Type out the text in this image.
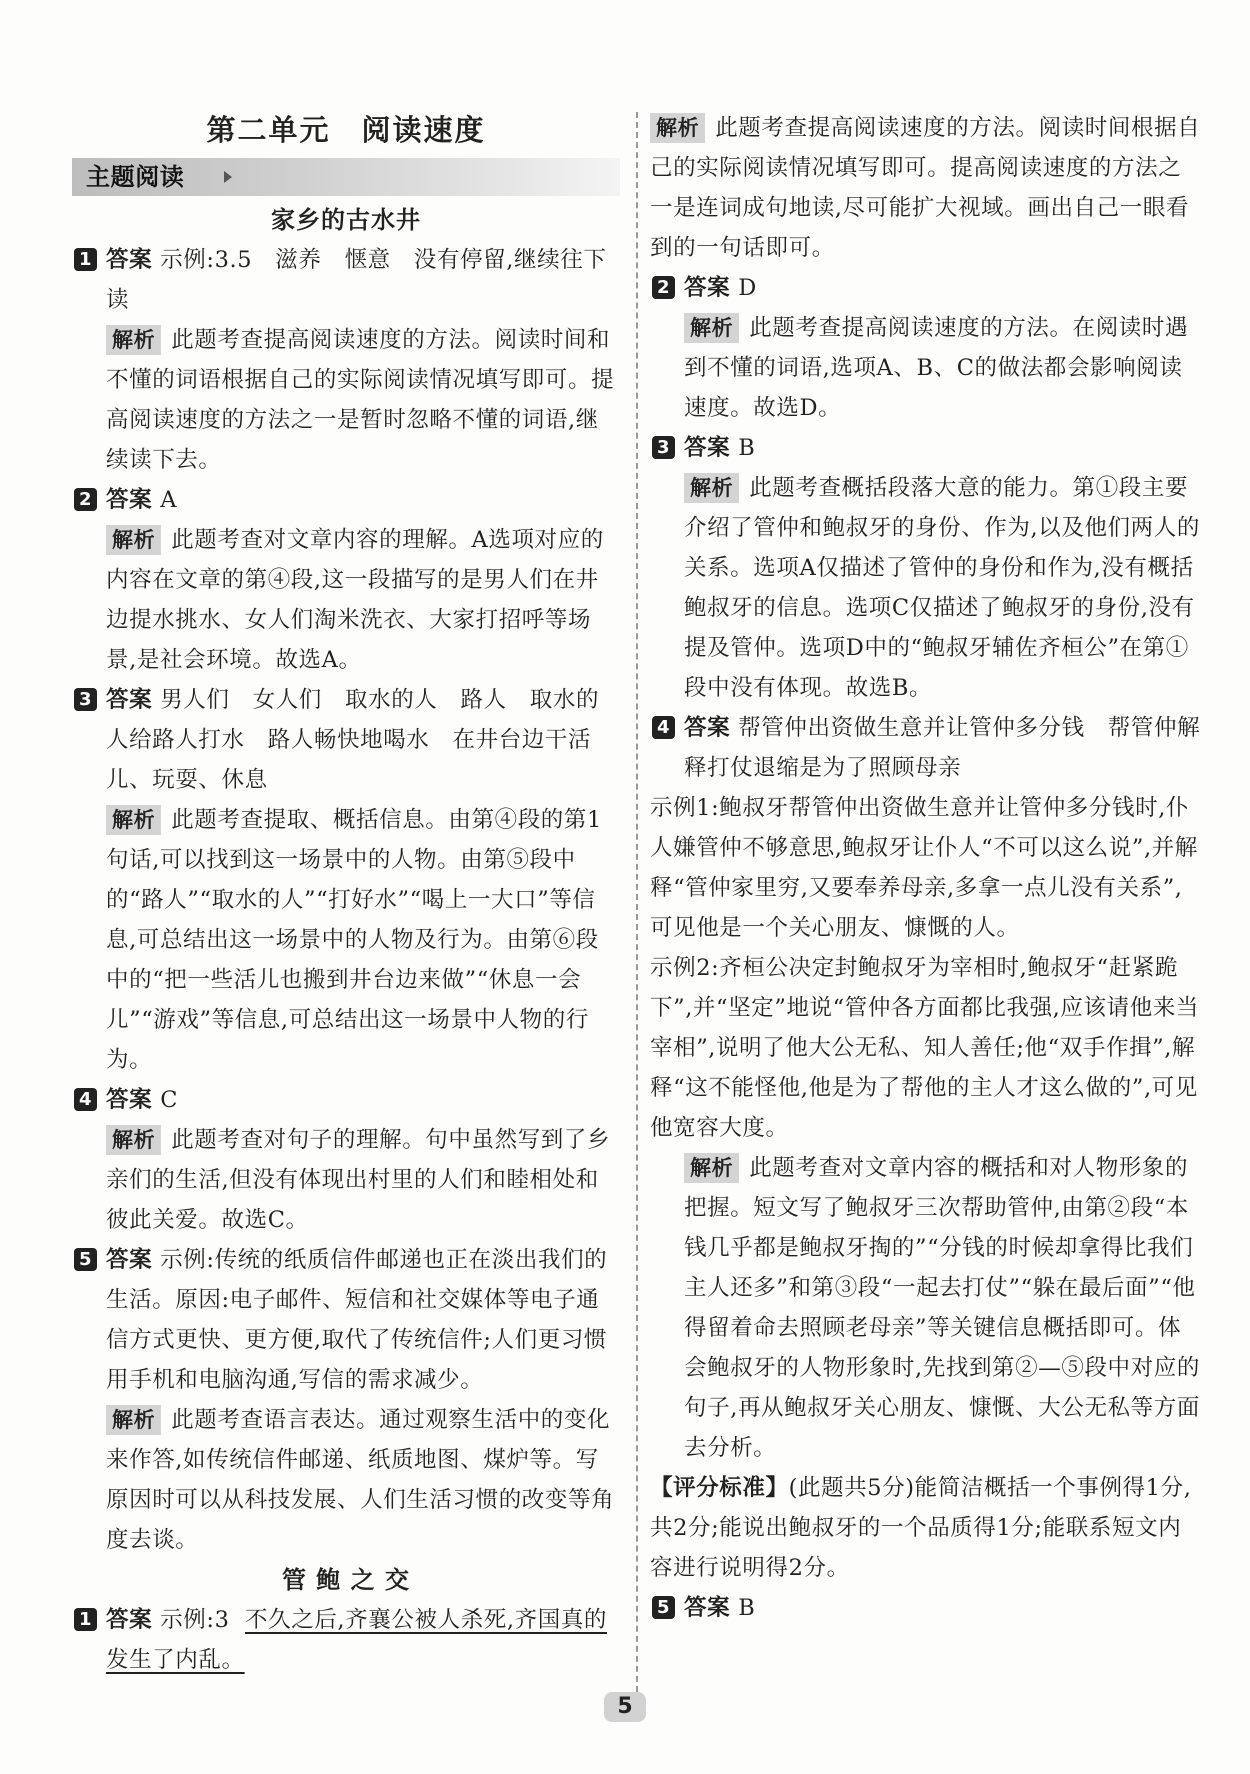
第二单元　阅读速度
主题阅读
家乡的古水井

1 答案 示例:3.5　滋养　惬意　没有停留,继续往下读

解析 此题考查提高阅读速度的方法。阅读时间和不懂的词语根据自己的实际阅读情况填写即可。提高阅读速度的方法之一是暂时忽略不懂的词语,继续读下去。

2 答案 A

解析 此题考查对文章内容的理解。A选项对应的内容在文章的第④段,这一段描写的是男人们在井边提水挑水、女人们淘米洗衣、大家打招呼等场景,是社会环境。故选A。

3 答案 男人们　女人们　取水的人　路人　取水的人给路人打水　路人畅快地喝水　在井台边干活儿、玩耍、休息

解析 此题考查提取、概括信息。由第④段的第1句话,可以找到这一场景中的人物。由第⑤段中的“路人”“取水的人”“打好水”“喝上一大口”等信息,可总结出这一场景中的人物及行为。由第⑥段中的“把一些活儿也搬到井台边来做”“休息一会儿”“游戏”等信息,可总结出这一场景中人物的行为。

4 答案 C

解析 此题考查对句子的理解。句中虽然写到了乡亲们的生活,但没有体现出村里的人们和睦相处和彼此关爱。故选C。

5 答案 示例:传统的纸质信件邮递也正在淡出我们的生活。原因:电子邮件、短信和社交媒体等电子通信方式更快、更方便,取代了传统信件;人们更习惯用手机和电脑沟通,写信的需求减少。

解析 此题考查语言表达。通过观察生活中的变化来作答,如传统信件邮递、纸质地图、煤炉等。写原因时可以从科技发展、人们生活习惯的改变等角度去谈。

管 鲍 之 交

1 答案 示例:3 不久之后,齐襄公被人杀死,齐国真的发生了内乱。

解析 此题考查提高阅读速度的方法。阅读时间根据自己的实际阅读情况填写即可。提高阅读速度的方法之一是连词成句地读,尽可能扩大视域。画出自己一眼看到的一句话即可。

2 答案 D

解析 此题考查提高阅读速度的方法。在阅读时遇到不懂的词语,选项A、B、C的做法都会影响阅读速度。故选D。

3 答案 B

解析 此题考查概括段落大意的能力。第①段主要介绍了管仲和鲍叔牙的身份、作为,以及他们两人的关系。选项A仅描述了管仲的身份和作为,没有概括鲍叔牙的信息。选项C仅描述了鲍叔牙的身份,没有提及管仲。选项D中的“鲍叔牙辅佐齐桓公”在第①段中没有体现。故选B。

4 答案 帮管仲出资做生意并让管仲多分钱　帮管仲解释打仗退缩是为了照顾母亲

示例1:鲍叔牙帮管仲出资做生意并让管仲多分钱时,仆人嫌管仲不够意思,鲍叔牙让仆人“不可以这么说”,并解释“管仲家里穷,又要奉养母亲,多拿一点儿没有关系”,可见他是一个关心朋友、慷慨的人。

示例2:齐桓公决定封鲍叔牙为宰相时,鲍叔牙“赶紧跪下”,并“坚定”地说“管仲各方面都比我强,应该请他来当宰相”,说明了他大公无私、知人善任;他“双手作揖”,解释“这不能怪他,他是为了帮他的主人才这么做的”,可见他宽容大度。

解析 此题考查对文章内容的概括和对人物形象的把握。短文写了鲍叔牙三次帮助管仲,由第②段“本钱几乎都是鲍叔牙掏的”“分钱的时候却拿得比我们主人还多”和第③段“一起去打仗”“躲在最后面”“他得留着命去照顾老母亲”等关键信息概括即可。体会鲍叔牙的人物形象时,先找到第②—⑤段中对应的句子,再从鲍叔牙关心朋友、慷慨、大公无私等方面去分析。

【评分标准】(此题共5分)能简洁概括一个事例得1分,共2分;能说出鲍叔牙的一个品质得1分;能联系短文内容进行说明得2分。

5 答案 B

5
